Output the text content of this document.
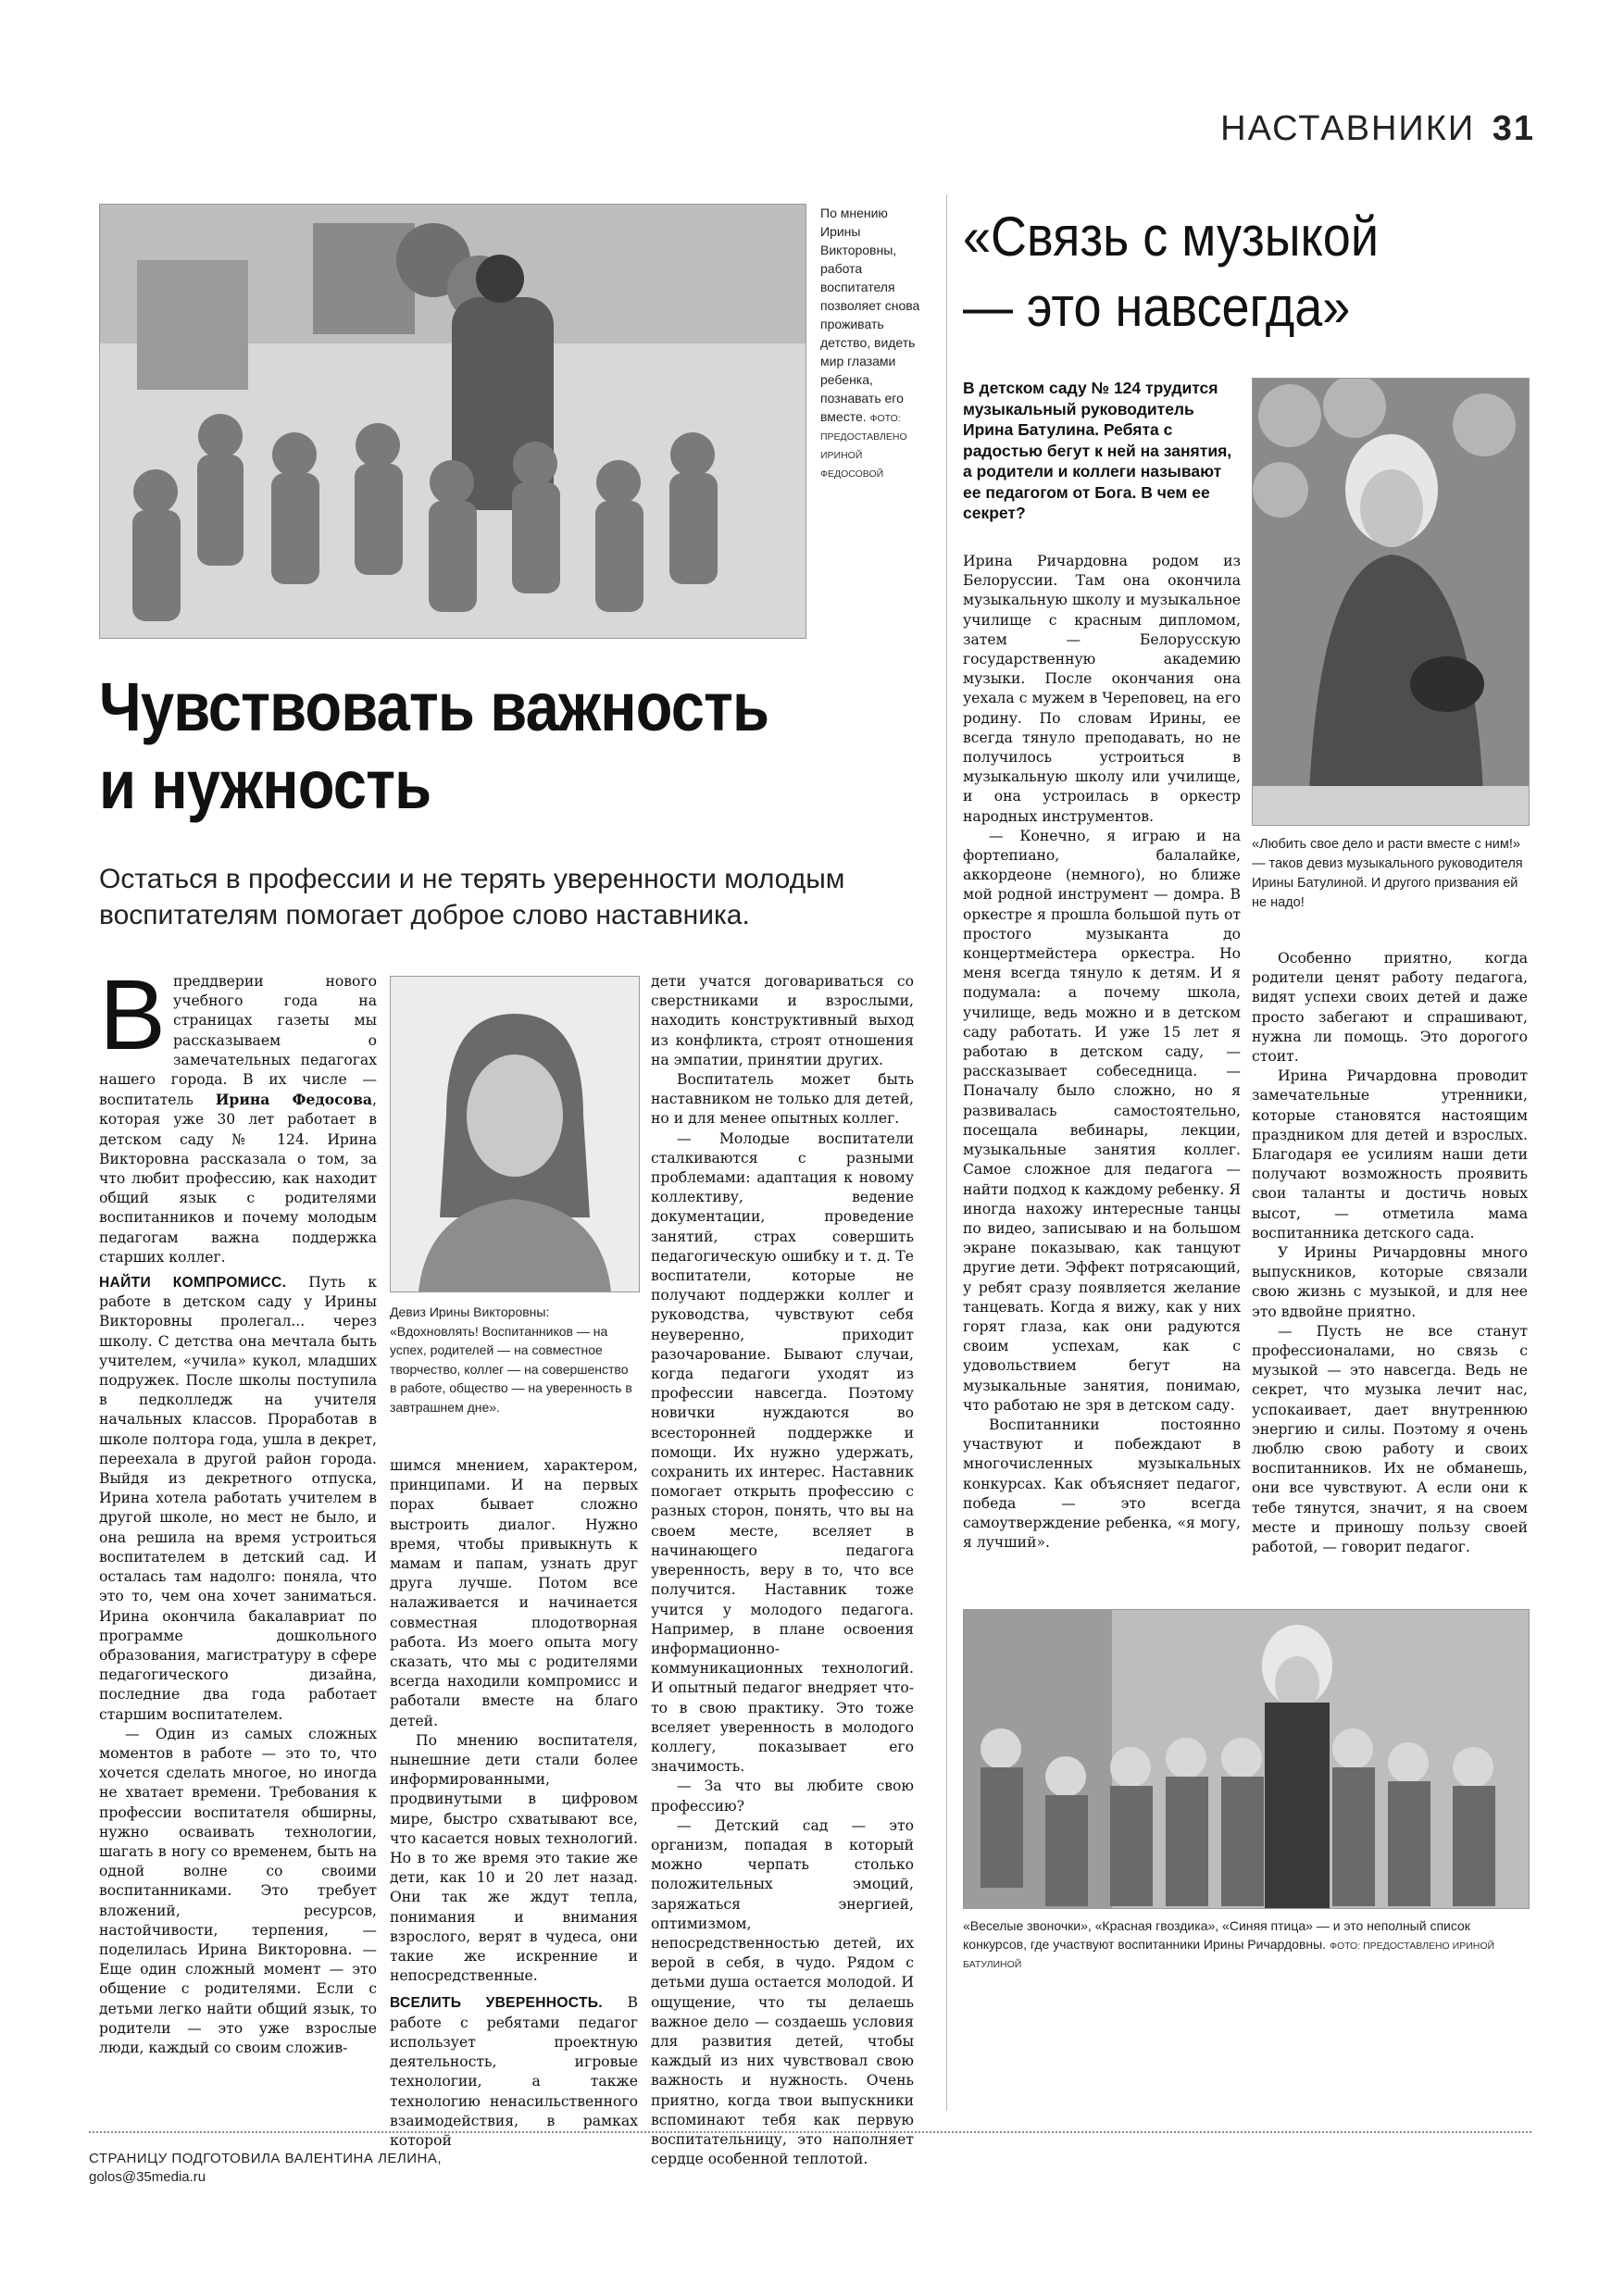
НАСТАВНИКИ 31
По мнению Ирины Викторовны, работа воспитателя позволяет снова проживать детство, видеть мир глазами ребенка, познавать его вместе. ФОТО: ПРЕДОСТАВЛЕНО ИРИНОЙ ФЕДОСОВОЙ
Чувствовать важность
и нужность
Остаться в профессии и не терять уверенности молодым воспитателям помогает доброе слово наставника.

Впреддверии нового учебного года на страницах газеты мы рассказываем о замечательных педагогах нашего города. В их числе — воспитатель Ирина Федосова, которая уже 30 лет работает в детском саду № 124. Ирина Викторовна рассказала о том, за что любит профессию, как находит общий язык с родителями воспитанников и почему молодым педагогам важна поддержка старших коллег.

НАЙТИ КОМПРОМИСС. Путь к работе в детском саду у Ирины Викторовны пролегал... через школу. С детства она мечтала быть учителем, «учила» кукол, младших подружек. После школы поступила в педколледж на учителя начальных классов. Проработав в школе полтора года, ушла в декрет, переехала в другой район города. Выйдя из декретного отпуска, Ирина хотела работать учителем в другой школе, но мест не было, и она решила на время устроиться воспитателем в детский сад. И осталась там надолго: поняла, что это то, чем она хочет заниматься. Ирина окончила бакалавриат по программе дошкольного образования, магистратуру в сфере педагогического дизайна, последние два года работает старшим воспитателем.

— Один из самых сложных моментов в работе — это то, что хочется сделать многое, но иногда не хватает времени. Требования к профессии воспитателя обширны, нужно осваивать технологии, шагать в ногу со временем, быть на одной волне со своими воспитанниками. Это требует вложений, ресурсов, настойчивости, терпения, — поделилась Ирина Викторовна. — Еще один сложный момент — это общение с родителями. Если с детьми легко найти общий язык, то родители — это уже взрослые люди, каждый со своим сложив-

Девиз Ирины Викторовны: «Вдохновлять! Воспитанников — на успех, родителей — на совместное творчество, коллег — на совершенство в работе, общество — на уверенность в завтрашнем дне».

шимся мнением, характером, принципами. И на первых порах бывает сложно выстроить диалог. Нужно время, чтобы привыкнуть к мамам и папам, узнать друг друга лучше. Потом все налаживается и начинается совместная плодотворная работа. Из моего опыта могу сказать, что мы с родителями всегда находили компромисс и работали вместе на благо детей.

По мнению воспитателя, нынешние дети стали более информированными, продвинутыми в цифровом мире, быстро схватывают все, что касается новых технологий. Но в то же время это такие же дети, как 10 и 20 лет назад. Они так же ждут тепла, понимания и внимания взрослого, верят в чудеса, они такие же искренние и непосредственные.

ВСЕЛИТЬ УВЕРЕННОСТЬ. В работе с ребятами педагог использует проектную деятельность, игровые технологии, а также технологию ненасильственного взаимодействия, в рамках которой

дети учатся договариваться со сверстниками и взрослыми, находить конструктивный выход из конфликта, строят отношения на эмпатии, принятии других.

Воспитатель может быть наставником не только для детей, но и для менее опытных коллег.

— Молодые воспитатели сталкиваются с разными проблемами: адаптация к новому коллективу, ведение документации, проведение занятий, страх совершить педагогическую ошибку и т. д. Те воспитатели, которые не получают поддержки коллег и руководства, чувствуют себя неуверенно, приходит разочарование. Бывают случаи, когда педагоги уходят из профессии навсегда. Поэтому новички нуждаются во всесторонней поддержке и помощи. Их нужно удержать, сохранить их интерес. Наставник помогает открыть профессию с разных сторон, понять, что вы на своем месте, вселяет в начинающего педагога уверенность, веру в то, что все получится. Наставник тоже учится у молодого педагога. Например, в плане освоения информационно-коммуникационных технологий. И опытный педагог внедряет что-то в свою практику. Это тоже вселяет уверенность в молодого коллегу, показывает его значимость.

— За что вы любите свою профессию?

— Детский сад — это организм, попадая в который можно черпать столько положительных эмоций, заряжаться энергией, оптимизмом, непосредственностью детей, их верой в себя, в чудо. Рядом с детьми душа остается молодой. И ощущение, что ты делаешь важное дело — создаешь условия для развития детей, чтобы каждый из них чувствовал свою важность и нужность. Очень приятно, когда твои выпускники вспоминают тебя как первую воспитательницу, это наполняет сердце особенной теплотой.

«Связь с музыкой — это навсегда»
В детском саду № 124 трудится музыкальный руководитель Ирина Батулина. Ребята с радостью бегут к ней на занятия, а родители и коллеги называют ее педагогом от Бога. В чем ее секрет?
«Любить свое дело и расти вместе с ним!» — таков девиз музыкального руководителя Ирины Батулиной. И другого призвания ей не надо!

Ирина Ричардовна родом из Белоруссии. Там она окончила музыкальную школу и музыкальное училище с красным дипломом, затем — Белорусскую государственную академию музыки. После окончания она уехала с мужем в Череповец, на его родину. По словам Ирины, ее всегда тянуло преподавать, но не получилось устроиться в музыкальную школу или училище, и она устроилась в оркестр народных инструментов.

— Конечно, я играю и на фортепиано, балалайке, аккордеоне (немного), но ближе мой родной инструмент — домра. В оркестре я прошла большой путь от простого музыканта до концертмейстера оркестра. Но меня всегда тянуло к детям. И я подумала: а почему школа, училище, ведь можно и в детском саду работать. И уже 15 лет я работаю в детском саду, — рассказывает собеседница. — Поначалу было сложно, но я развивалась самостоятельно, посещала вебинары, лекции, музыкальные занятия коллег. Самое сложное для педагога — найти подход к каждому ребенку. Я иногда нахожу интересные танцы по видео, записываю и на большом экране показываю, как танцуют другие дети. Эффект потрясающий, у ребят сразу появляется желание танцевать. Когда я вижу, как у них горят глаза, как они радуются своим успехам, как с удовольствием бегут на музыкальные занятия, понимаю, что работаю не зря в детском саду.

Воспитанники постоянно участвуют и побеждают в многочисленных музыкальных конкурсах. Как объясняет педагог, победа — это всегда самоутверждение ребенка, «я могу, я лучший».

Особенно приятно, когда родители ценят работу педагога, видят успехи своих детей и даже просто забегают и спрашивают, нужна ли помощь. Это дорогого стоит.

Ирина Ричардовна проводит замечательные утренники, которые становятся настоящим праздником для детей и взрослых. Благодаря ее усилиям наши дети получают возможность проявить свои таланты и достичь новых высот, — отметила мама воспитанника детского сада.

У Ирины Ричардовны много выпускников, которые связали свою жизнь с музыкой, и для нее это вдвойне приятно.

— Пусть не все станут профессионалами, но связь с музыкой — это навсегда. Ведь не секрет, что музыка лечит нас, успокаивает, дает внутреннюю энергию и силы. Поэтому я очень люблю свою работу и своих воспитанников. Их не обманешь, они все чувствуют. А если они к тебе тянутся, значит, я на своем месте и приношу пользу своей работой, — говорит педагог.

«Веселые звоночки», «Красная гвоздика», «Синяя птица» — и это неполный список конкурсов, где участвуют воспитанники Ирины Ричардовны. ФОТО: ПРЕДОСТАВЛЕНО ИРИНОЙ БАТУЛИНОЙ
СТРАНИЦУ ПОДГОТОВИЛА ВАЛЕНТИНА ЛЕЛИНА,
golos@35media.ru
